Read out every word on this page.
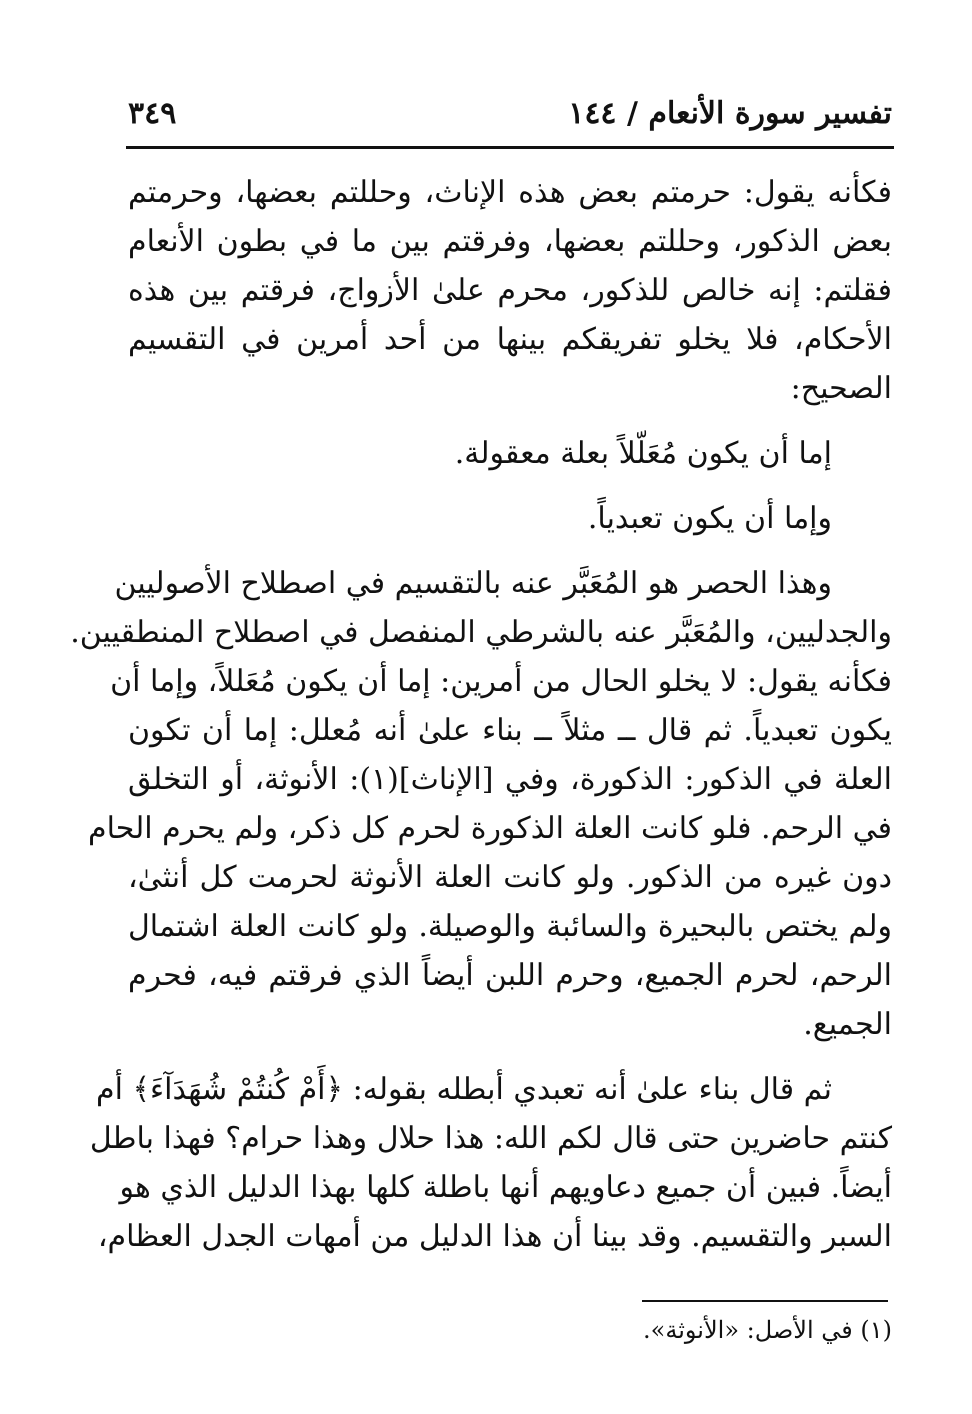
٣٤٩	تفسير سورة الأنعام / ١٤٤
فكأنه يقول: حرمتم بعض هذه الإناث، وحللتم بعضها، وحرمتم
بعض الذكور، وحللتم بعضها، وفرقتم بين ما في بطون الأنعام
فقلتم: إنه خالص للذكور، محرم علىٰ الأزواج، فرقتم بين هذه
الأحكام، فلا يخلو تفريقكم بينها من أحد أمرين في التقسيم
الصحيح:
إما أن يكون مُعَلّلاً بعلة معقولة.
وإما أن يكون تعبدياً.
وهذا الحصر هو المُعَبَّر عنه بالتقسيم في اصطلاح الأصوليين
والجدليين، والمُعَبَّر عنه بالشرطي المنفصل في اصطلاح المنطقيين.
فكأنه يقول: لا يخلو الحال من أمرين: إما أن يكون مُعَللاً، وإما أن
يكون تعبدياً. ثم قال ــ مثلاً ــ بناء علىٰ أنه مُعلل: إما أن تكون
العلة في الذكور: الذكورة، وفي [الإناث](١): الأنوثة، أو التخلق
في الرحم. فلو كانت العلة الذكورة لحرم كل ذكر، ولم يحرم الحام
دون غيره من الذكور. ولو كانت العلة الأنوثة لحرمت كل أنثىٰ،
ولم يختص بالبحيرة والسائبة والوصيلة. ولو كانت العلة اشتمال
الرحم، لحرم الجميع، وحرم اللبن أيضاً الذي فرقتم فيه، فحرم
الجميع.
ثم قال بناء علىٰ أنه تعبدي أبطله بقوله: ﴿أَمْ كُنتُمْ شُهَدَآءَ﴾ أم
كنتم حاضرين حتى قال لكم الله: هذا حلال وهذا حرام؟ فهذا باطل
أيضاً. فبين أن جميع دعاويهم أنها باطلة كلها بهذا الدليل الذي هو
السبر والتقسيم. وقد بينا أن هذا الدليل من أمهات الجدل العظام،
(١) في الأصل: «الأنوثة».
